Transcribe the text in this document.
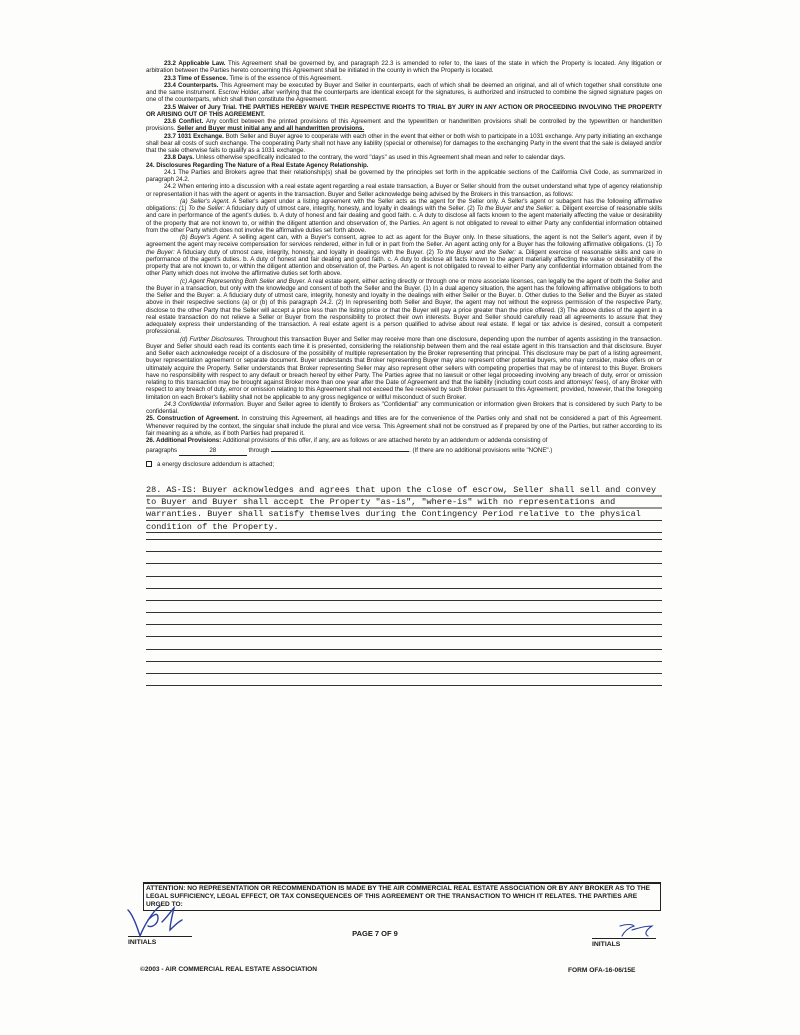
23.2 Applicable Law. This Agreement shall be governed by, and paragraph 22.3 is amended to refer to, the laws of the state in which the Property is located. Any litigation or arbitration between the Parties hereto concerning this Agreement shall be initiated in the county in which the Property is located.

23.3 Time of Essence. Time is of the essence of this Agreement.

23.4 Counterparts. This Agreement may be executed by Buyer and Seller in counterparts, each of which shall be deemed an original, and all of which together shall constitute one and the same instrument. Escrow Holder, after verifying that the counterparts are identical except for the signatures, is authorized and instructed to combine the signed signature pages on one of the counterparts, which shall then constitute the Agreement.

23.5 Waiver of Jury Trial. THE PARTIES HEREBY WAIVE THEIR RESPECTIVE RIGHTS TO TRIAL BY JURY IN ANY ACTION OR PROCEEDING INVOLVING THE PROPERTY OR ARISING OUT OF THIS AGREEMENT.

23.6 Conflict. Any conflict between the printed provisions of this Agreement and the typewritten or handwritten provisions shall be controlled by the typewritten or handwritten provisions. Seller and Buyer must initial any and all handwritten provisions.

23.7 1031 Exchange. Both Seller and Buyer agree to cooperate with each other in the event that either or both wish to participate in a 1031 exchange. Any party initiating an exchange shall bear all costs of such exchange. The cooperating Party shall not have any liability (special or otherwise) for damages to the exchanging Party in the event that the sale is delayed and/or that the sale otherwise fails to qualify as a 1031 exchange.

23.8 Days. Unless otherwise specifically indicated to the contrary, the word "days" as used in this Agreement shall mean and refer to calendar days.

24. Disclosures Regarding The Nature of a Real Estate Agency Relationship.

24.1 The Parties and Brokers agree that their relationship(s) shall be governed by the principles set forth in the applicable sections of the California Civil Code, as summarized in paragraph 24.2.

24.2 When entering into a discussion with a real estate agent regarding a real estate transaction, a Buyer or Seller should from the outset understand what type of agency relationship or representation it has with the agent or agents in the transaction. Buyer and Seller acknowledge being advised by the Brokers in this transaction, as follows:

(a) Seller's Agent. A Seller's agent under a listing agreement with the Seller acts as the agent for the Seller only. A Seller's agent or subagent has the following affirmative obligations: (1) To the Seller: A fiduciary duty of utmost care, integrity, honesty, and loyalty in dealings with the Seller. (2) To the Buyer and the Seller: a. Diligent exercise of reasonable skills and care in performance of the agent's duties. b. A duty of honest and fair dealing and good faith. c. A duty to disclose all facts known to the agent materially affecting the value or desirability of the property that are not known to, or within the diligent attention and observation of, the Parties. An agent is not obligated to reveal to either Party any confidential information obtained from the other Party which does not involve the affirmative duties set forth above.

(b) Buyer's Agent. A selling agent can, with a Buyer's consent, agree to act as agent for the Buyer only. In these situations, the agent is not the Seller's agent, even if by agreement the agent may receive compensation for services rendered, either in full or in part from the Seller. An agent acting only for a Buyer has the following affirmative obligations. (1) To the Buyer: A fiduciary duty of utmost care, integrity, honesty, and loyalty in dealings with the Buyer. (2) To the Buyer and the Seller: a. Diligent exercise of reasonable skills and care in performance of the agent's duties. b. A duty of honest and fair dealing and good faith. c. A duty to disclose all facts known to the agent materially affecting the value or desirability of the property that are not known to, or within the diligent attention and observation of, the Parties. An agent is not obligated to reveal to either Party any confidential information obtained from the other Party which does not involve the affirmative duties set forth above.

(c) Agent Representing Both Seller and Buyer. A real estate agent, either acting directly or through one or more associate licenses, can legally be the agent of both the Seller and the Buyer in a transaction, but only with the knowledge and consent of both the Seller and the Buyer. (1) In a dual agency situation, the agent has the following affirmative obligations to both the Seller and the Buyer: a. A fiduciary duty of utmost care, integrity, honesty and loyalty in the dealings with either Seller or the Buyer. b. Other duties to the Seller and the Buyer as stated above in their respective sections (a) or (b) of this paragraph 24.2. (2) In representing both Seller and Buyer, the agent may not without the express permission of the respective Party, disclose to the other Party that the Seller will accept a price less than the listing price or that the Buyer will pay a price greater than the price offered. (3) The above duties of the agent in a real estate transaction do not relieve a Seller or Buyer from the responsibility to protect their own interests. Buyer and Seller should carefully read all agreements to assure that they adequately express their understanding of the transaction. A real estate agent is a person qualified to advise about real estate. If legal or tax advice is desired, consult a competent professional.

(d) Further Disclosures. Throughout this transaction Buyer and Seller may receive more than one disclosure, depending upon the number of agents assisting in the transaction. Buyer and Seller should each read its contents each time it is presented, considering the relationship between them and the real estate agent in this transaction and that disclosure. Buyer and Seller each acknowledge receipt of a disclosure of the possibility of multiple representation by the Broker representing that principal. This disclosure may be part of a listing agreement, buyer representation agreement or separate document. Buyer understands that Broker representing Buyer may also represent other potential buyers, who may consider, make offers on or ultimately acquire the Property. Seller understands that Broker representing Seller may also represent other sellers with competing properties that may be of interest to this Buyer. Brokers have no responsibility with respect to any default or breach hereof by either Party. The Parties agree that no lawsuit or other legal proceeding involving any breach of duty, error or omission relating to this transaction may be brought against Broker more than one year after the Date of Agreement and that the liability (including court costs and attorneys' fees), of any Broker with respect to any breach of duty, error or omission relating to this Agreement shall not exceed the fee received by such Broker pursuant to this Agreement; provided, however, that the foregoing limitation on each Broker's liability shall not be applicable to any gross negligence or willful misconduct of such Broker.

24.3 Confidential Information. Buyer and Seller agree to identify to Brokers as "Confidential" any communication or information given Brokers that is considered by such Party to be confidential.

25. Construction of Agreement. In construing this Agreement, all headings and titles are for the convenience of the Parties only and shall not be considered a part of this Agreement. Whenever required by the context, the singular shall include the plural and vice versa. This Agreement shall not be construed as if prepared by one of the Parties, but rather according to its fair meaning as a whole, as if both Parties had prepared it.

26. Additional Provisions: Additional provisions of this offer, if any, are as follows or are attached hereto by an addendum or addenda consisting of

paragraphs	28	through	. (If there are no additional provisions write "NONE".)

a energy disclosure addendum is attached;
28. AS-IS: Buyer acknowledges and agrees that upon the close of escrow, Seller shall sell and convey to Buyer and Buyer shall accept the Property "as-is", "where-is" with no representations and warranties. Buyer shall satisfy themselves during the Contingency Period relative to the physical condition of the Property.
ATTENTION: NO REPRESENTATION OR RECOMMENDATION IS MADE BY THE AIR COMMERCIAL REAL ESTATE ASSOCIATION OR BY ANY BROKER AS TO THE LEGAL SUFFICIENCY, LEGAL EFFECT, OR TAX CONSEQUENCES OF THIS AGREEMENT OR THE TRANSACTION TO WHICH IT RELATES. THE PARTIES ARE URGED TO:
INITIALS
PAGE 7 OF 9
INITIALS
©2003 - AIR COMMERCIAL REAL ESTATE ASSOCIATION	FORM OFA-16-06/15E
